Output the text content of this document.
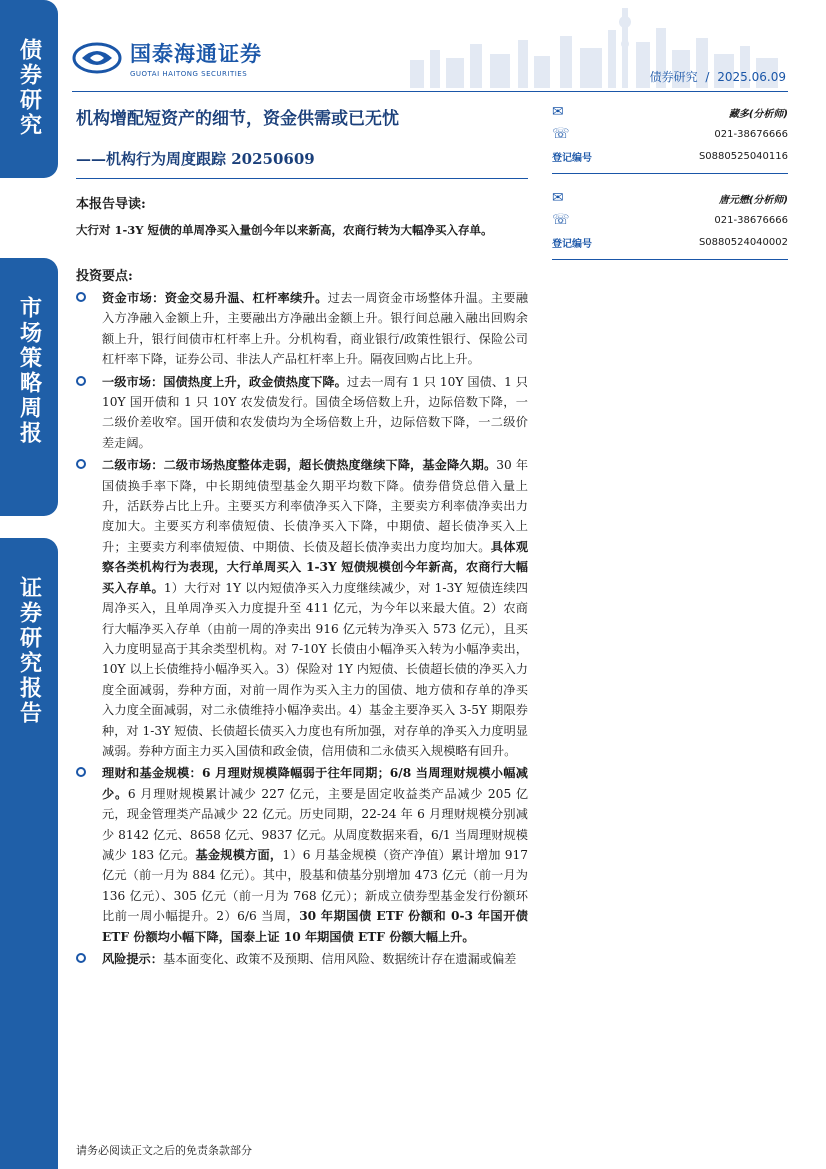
债券研究
市场策略周报
证券研究报告
国泰海通证券
GUOTAI HAITONG SECURITIES	债券研究 / 2025.06.09
机构增配短资产的细节，资金供需或已无忧
——机构行为周度跟踪 20250609
✉	藏多(分析师)
☏	021-38676666
登记编号	S0880525040116
✉	唐元懋(分析师)
☏	021-38676666
登记编号	S0880524040002
本报告导读:
大行对 1-3Y 短债的单周净买入量创今年以来新高，农商行转为大幅净买入存单。
投资要点:
资金市场：资金交易升温、杠杆率续升。过去一周资金市场整体升温。主要融入方净融入金额上升，主要融出方净融出金额上升。银行间总融入融出回购余额上升，银行间债市杠杆率上升。分机构看，商业银行/政策性银行、保险公司杠杆率下降，证券公司、非法人产品杠杆率上升。隔夜回购占比上升。
一级市场：国债热度上升，政金债热度下降。过去一周有 1 只 10Y 国债、1 只 10Y 国开债和 1 只 10Y 农发债发行。国债全场倍数上升，边际倍数下降，一二级价差收窄。国开债和农发债均为全场倍数上升，边际倍数下降，一二级价差走阔。
二级市场：二级市场热度整体走弱，超长债热度继续下降，基金降久期。30 年国债换手率下降，中长期纯债型基金久期平均数下降。债券借贷总借入量上升，活跃券占比上升。主要买方利率债净买入下降，主要卖方利率债净卖出力度加大。主要买方利率债短债、长债净买入下降，中期债、超长债净买入上升；主要卖方利率债短债、中期债、长债及超长债净卖出力度均加大。具体观察各类机构行为表现，大行单周买入 1-3Y 短债规模创今年新高，农商行大幅买入存单。1）大行对 1Y 以内短债净买入力度继续减少，对 1-3Y 短债连续四周净买入，且单周净买入力度提升至 411 亿元，为今年以来最大值。2）农商行大幅净买入存单（由前一周的净卖出 916 亿元转为净买入 573 亿元），且买入力度明显高于其余类型机构。对 7-10Y 长债由小幅净买入转为小幅净卖出，10Y 以上长债维持小幅净买入。3）保险对 1Y 内短债、长债超长债的净买入力度全面减弱，券种方面，对前一周作为买入主力的国债、地方债和存单的净买入力度全面减弱，对二永债维持小幅净卖出。4）基金主要净买入 3-5Y 期限券种，对 1-3Y 短债、长债超长债买入力度也有所加强，对存单的净买入力度明显减弱。券种方面主力买入国债和政金债，信用债和二永债买入规模略有回升。
理财和基金规模：6 月理财规模降幅弱于往年同期；6/8 当周理财规模小幅减少。6 月理财规模累计减少 227 亿元，主要是固定收益类产品减少 205 亿元，现金管理类产品减少 22 亿元。历史同期，22-24 年 6 月理财规模分别减少 8142 亿元、8658 亿元、9837 亿元。从周度数据来看，6/1 当周理财规模减少 183 亿元。基金规模方面，1）6 月基金规模（资产净值）累计增加 917 亿元（前一月为 884 亿元）。其中，股基和债基分别增加 473 亿元（前一月为 136 亿元）、305 亿元（前一月为 768 亿元）；新成立债券型基金发行份额环比前一周小幅提升。2）6/6 当周，30 年期国债 ETF 份额和 0-3 年国开债 ETF 份额均小幅下降，国泰上证 10 年期国债 ETF 份额大幅上升。
风险提示：基本面变化、政策不及预期、信用风险、数据统计存在遗漏或偏差
请务必阅读正文之后的免责条款部分
